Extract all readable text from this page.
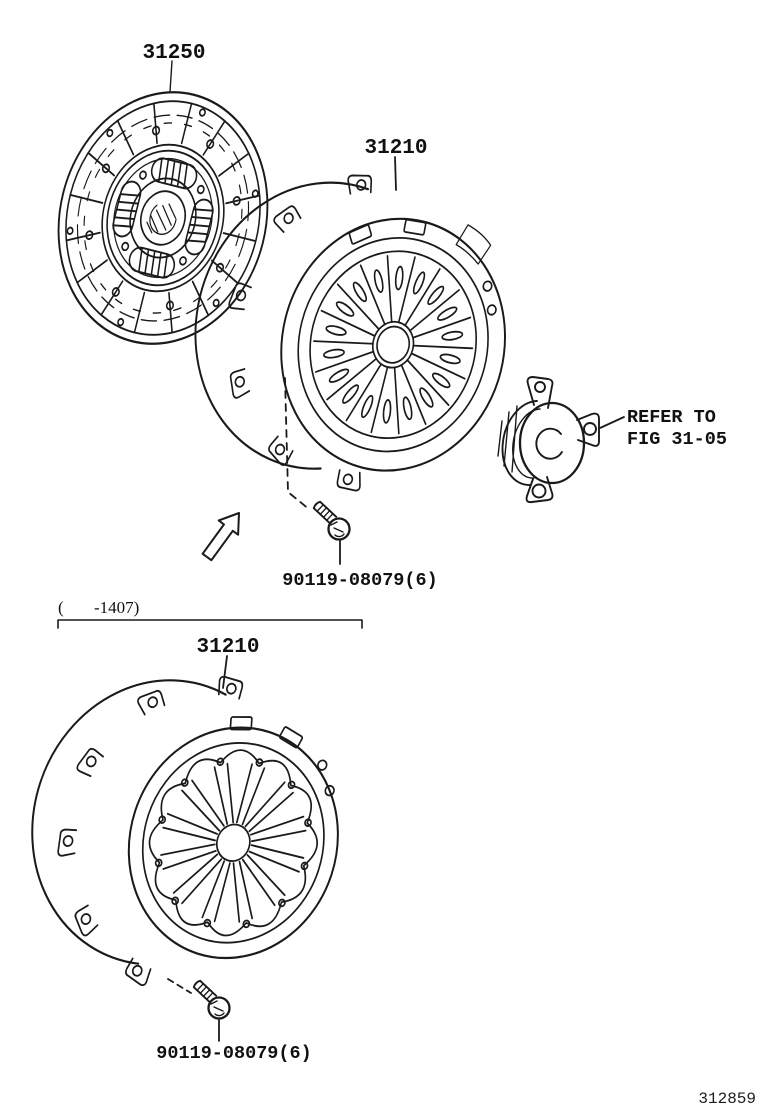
31250
31210
90119-08079(6)
REFER TO
FIG 31-05
( -1407)
31210
90119-08079(6)
312859
